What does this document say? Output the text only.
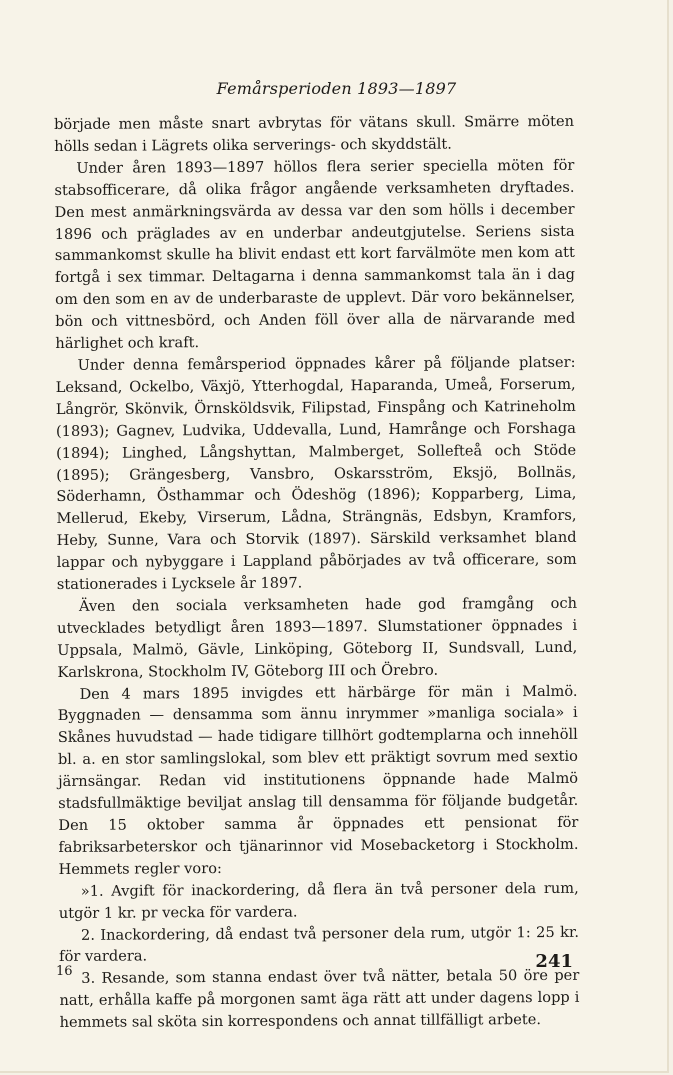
Femårsperioden 1893—1897

började men måste snart avbrytas för vätans skull. Smärre möten hölls sedan i Lägrets olika serverings- och skyddstält.

Under åren 1893—1897 höllos flera serier speciella möten för stabsofficerare, då olika frågor angående verksamheten dryftades. Den mest anmärkningsvärda av dessa var den som hölls i december 1896 och präglades av en underbar andeutgjutelse. Seriens sista sammankomst skulle ha blivit endast ett kort farvälmöte men kom att fortgå i sex timmar. Deltagarna i denna sammankomst tala än i dag om den som en av de underbaraste de upplevt. Där voro bekännelser, bön och vittnesbörd, och Anden föll över alla de närvarande med härlighet och kraft.

Under denna femårsperiod öppnades kårer på följande platser: Leksand, Ockelbo, Växjö, Ytterhogdal, Haparanda, Umeå, Forserum, Långrör, Skönvik, Örnsköldsvik, Filipstad, Finspång och Katrineholm (1893); Gagnev, Ludvika, Uddevalla, Lund, Hamrånge och Forshaga (1894); Linghed, Långshyttan, Malmberget, Sollefteå och Stöde (1895); Grängesberg, Vansbro, Oskarsström, Eksjö, Bollnäs, Söderhamn, Östhammar och Ödeshög (1896); Kopparberg, Lima, Mellerud, Ekeby, Virserum, Lådna, Strängnäs, Edsbyn, Kramfors, Heby, Sunne, Vara och Storvik (1897). Särskild verksamhet bland lappar och nybyggare i Lappland påbörjades av två officerare, som stationerades i Lycksele år 1897.

Även den sociala verksamheten hade god framgång och utvecklades betydligt åren 1893—1897. Slumstationer öppnades i Uppsala, Malmö, Gävle, Linköping, Göteborg II, Sundsvall, Lund, Karlskrona, Stockholm IV, Göteborg III och Örebro.

Den 4 mars 1895 invigdes ett härbärge för män i Malmö. Byggnaden — densamma som ännu inrymmer »manliga sociala» i Skånes huvudstad — hade tidigare tillhört godtemplarna och innehöll bl. a. en stor samlingslokal, som blev ett präktigt sovrum med sextio järnsängar. Redan vid institutionens öppnande hade Malmö stadsfullmäktige beviljat anslag till densamma för följande budgetår. Den 15 oktober samma år öppnades ett pensionat för fabriksarbeterskor och tjänarinnor vid Mosebacketorg i Stockholm. Hemmets regler voro:

»1. Avgift för inackordering, då flera än två personer dela rum, utgör 1 kr. pr vecka för vardera.

2. Inackordering, då endast två personer dela rum, utgör 1: 25 kr. för vardera.

3. Resande, som stanna endast över två nätter, betala 50 öre per natt, erhålla kaffe på morgonen samt äga rätt att under dagens lopp i hemmets sal sköta sin korrespondens och annat tillfälligt arbete.

16	241
